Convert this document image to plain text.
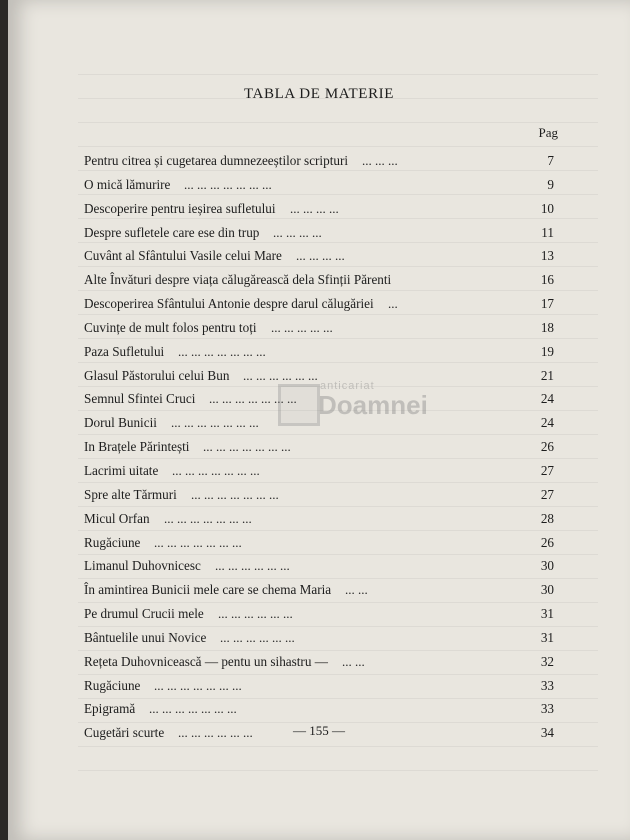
TABLA DE MATERIE
Pag
Pentru citrea și cugetarea dumnezeeștilor scripturi ... ... ...	7
O mică lămurire ... ... ... ... ... ... ...	9
Descoperire pentru ieșirea sufletului ... ... ... ...	10
Despre sufletele care ese din trup ... ... ... ...	11
Cuvânt al Sfântului Vasile celui Mare ... ... ... ...	13
Alte Învături despre viața călugărească dela Sfinții Părenti	16
Descoperirea Sfântului Antonie despre darul călugăriei ...	17
Cuvințe de mult folos pentru toți ... ... ... ... ...	18
Paza Sufletului ... ... ... ... ... ... ...	19
Glasul Păstorului celui Bun ... ... ... ... ... ...	21
Semnul Sfintei Cruci ... ... ... ... ... ... ...	24
Dorul Bunicii ... ... ... ... ... ... ...	24
In Brațele Părintești ... ... ... ... ... ... ...	26
Lacrimi uitate ... ... ... ... ... ... ...	27
Spre alte Tărmuri ... ... ... ... ... ... ...	27
Micul Orfan ... ... ... ... ... ... ...	28
Rugăciune ... ... ... ... ... ... ...	26
Limanul Duhovnicesc ... ... ... ... ... ...	30
În amintirea Bunicii mele care se chema Maria ... ...	30
Pe drumul Crucii mele ... ... ... ... ... ...	31
Bântuelile unui Novice ... ... ... ... ... ...	31
Rețeta Duhovnicească — pentu un sihastru — ... ...	32
Rugăciune ... ... ... ... ... ... ...	33
Epigramă ... ... ... ... ... ... ...	33
Cugetări scurte ... ... ... ... ... ...	34
anticariat
Doamnei
— 155 —
